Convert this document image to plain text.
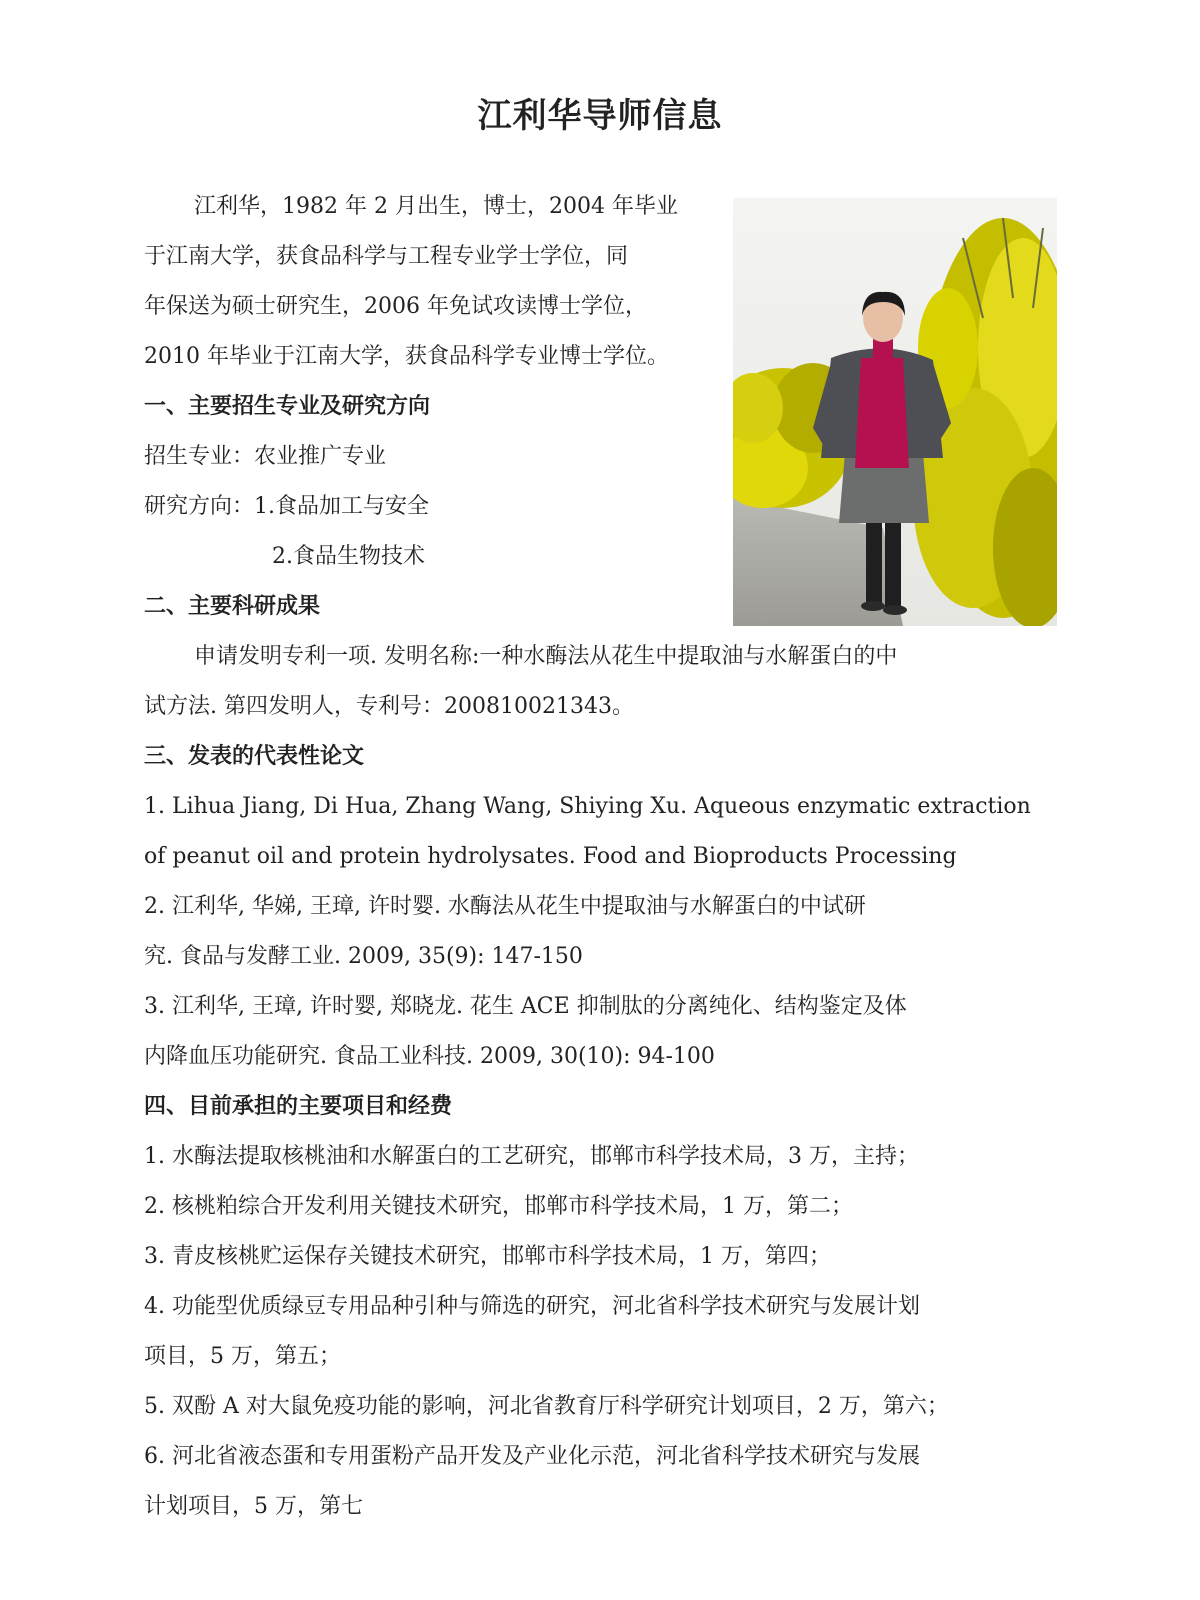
江利华导师信息
江利华，1982 年 2 月出生，博士，2004 年毕业
于江南大学，获食品科学与工程专业学士学位，同
年保送为硕士研究生，2006 年免试攻读博士学位，
2010 年毕业于江南大学，获食品科学专业博士学位。
一、主要招生专业及研究方向
招生专业：农业推广专业
研究方向：1.食品加工与安全
2.食品生物技术
二、主要科研成果
申请发明专利一项. 发明名称:一种水酶法从花生中提取油与水解蛋白的中
试方法. 第四发明人，专利号：200810021343。
三、发表的代表性论文
1. Lihua Jiang, Di Hua, Zhang Wang, Shiying Xu. Aqueous enzymatic extraction
of peanut oil and protein hydrolysates. Food and Bioproducts Processing
2. 江利华, 华娣, 王璋, 许时婴. 水酶法从花生中提取油与水解蛋白的中试研
究. 食品与发酵工业. 2009, 35(9): 147-150
3. 江利华, 王璋, 许时婴, 郑晓龙. 花生 ACE 抑制肽的分离纯化、结构鉴定及体
内降血压功能研究. 食品工业科技. 2009, 30(10): 94-100
四、目前承担的主要项目和经费
1. 水酶法提取核桃油和水解蛋白的工艺研究，邯郸市科学技术局，3 万，主持；
2. 核桃粕综合开发利用关键技术研究，邯郸市科学技术局，1 万，第二；
3. 青皮核桃贮运保存关键技术研究，邯郸市科学技术局，1 万，第四；
4. 功能型优质绿豆专用品种引种与筛选的研究，河北省科学技术研究与发展计划
项目，5 万，第五；
5. 双酚 A 对大鼠免疫功能的影响，河北省教育厅科学研究计划项目，2 万，第六；
6. 河北省液态蛋和专用蛋粉产品开发及产业化示范，河北省科学技术研究与发展
计划项目，5 万，第七
